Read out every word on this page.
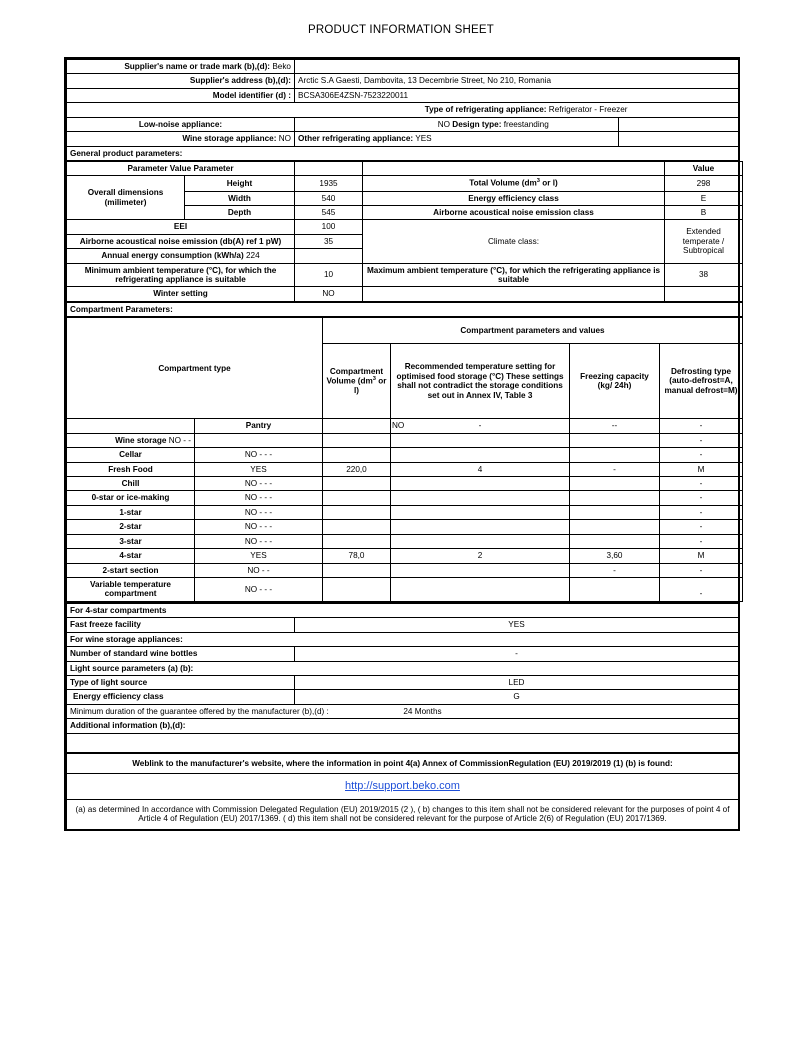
PRODUCT INFORMATION SHEET
Supplier's name or trade mark (b),(d): Beko		
Supplier's address (b),(d):	Arctic S.A Gaesti, Dambovita, 13 Decembrie Street, No 210, Romania	
Model identifier (d) :	BCSA306E4ZSN-7523220011	
Type of refrigerating appliance: Refrigerator - Freezer		
Low-noise appliance:	NO Design type: freestanding	
Wine storage appliance: NO	Other refrigerating appliance: YES	
General product parameters:		
Parameter Value Parameter				Value
Overall dimensions (milimeter)	Height	1935	Total Volume ($dm^3$ or l)	298
	Width	540	Energy efficiency class	E
	Depth	545	Airborne acoustical noise emission class	B
EEI		100	Climate class:	Extended temperate / Subtropical
Airborne acoustical noise emission (db(A) ref 1 pW)		35		
Annual energy consumption (kWh/a) 224				
Minimum ambient temperature (°C), for which the refrigerating appliance is suitable		10	Maximum ambient temperature (°C), for which the refrigerating appliance is suitable	38
Winter setting		NO		
Compartment Parameters:				
Compartment type		Compartment parameters and values			
		Compartment Volume ($dm^3$ or l)	Recommended temperature setting for optimised food storage (°C) These settings shall not contradict the storage conditions set out in Annex IV, Table 3	Freezing capacity (kg/ 24h)	Defrosting type (auto-defrost=A, manual defrost=M)
	Pantry		NO -	--	-
Wine storage NO - -					-
Cellar	NO - - -				-
Fresh Food	YES	220,0	4	-	M
Chill	NO - - -				-
0-star or ice-making	NO - - -				-
1-star	NO - - -				-
2-star	NO - - -				-
3-star	NO - - -				-
4-star	YES	78,0	2	3,60	M
2-start section	NO - -			-	-
Variable temperature compartment	NO - - -				-
For 4-star compartments	
Fast freeze facility	YES
For wine storage appliances:	
Number of standard wine bottles	-
Light source parameters (a) (b):	
Type of light source	LED
Energy efficiency class	G
Minimum duration of the guarantee offered by the manufacturer (b),(d) : 24 Months	
Additional information (b),(d):	

Weblink to the manufacturer's website, where the information in point 4(a) Annex of CommissionRegulation (EU) 2019/2019 (1) (b) is found:	
http://support.beko.com	
(a) as determined In accordance with Commission Delegated Regulation (EU) 2019/2015 (2 ), ( b) changes to this item shall not be considered relevant for the purposes of point 4 of Article 4 of Regulation (EU) 2017/1369. ( d) this item shall not be considered relevant for the purpose of Article 2(6) of Regulation (EU) 2017/1369.	
